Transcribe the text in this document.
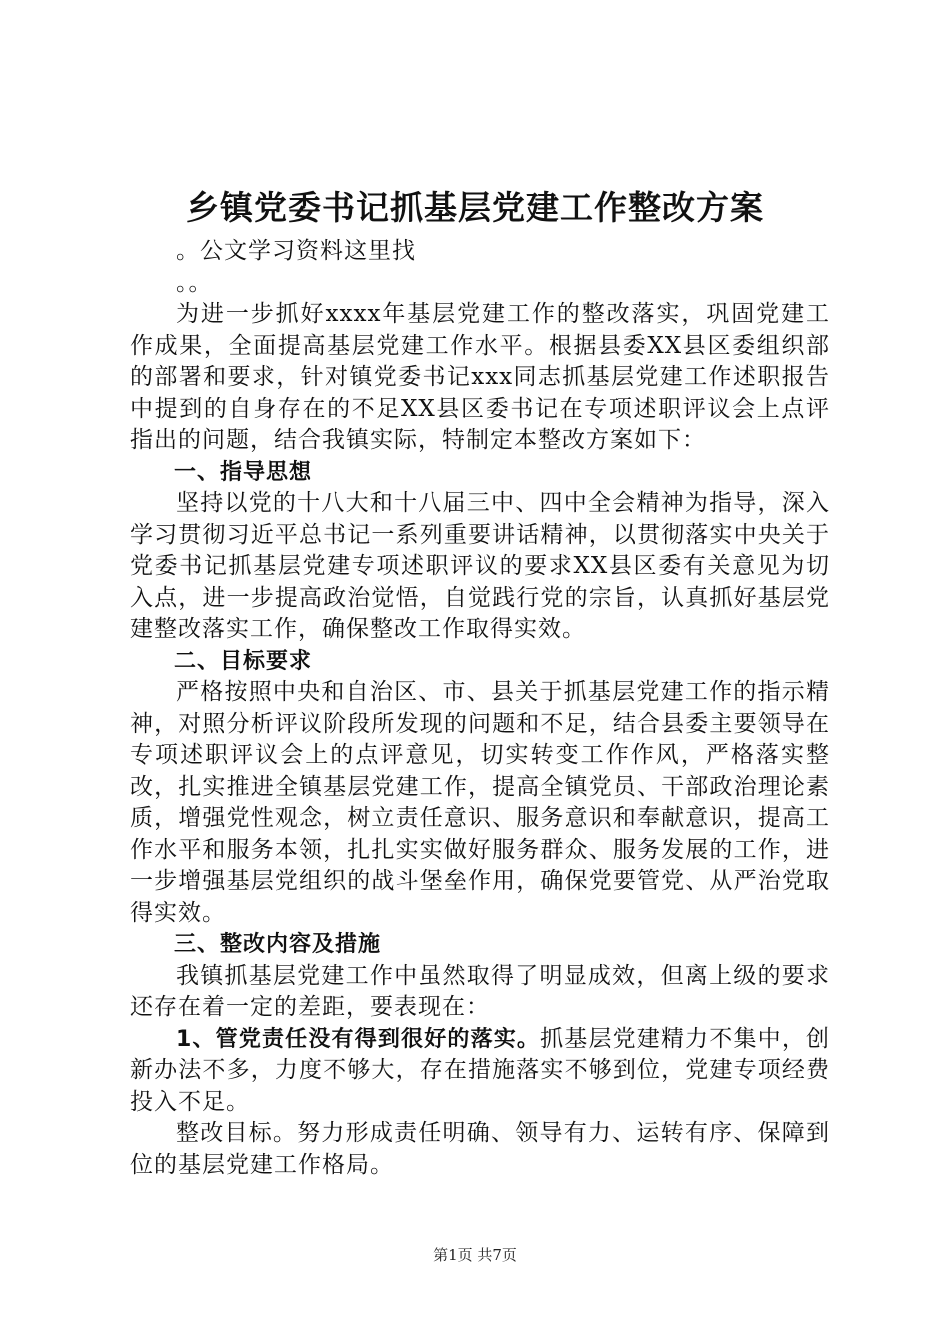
乡镇党委书记抓基层党建工作整改方案

。公文学习资料这里找

。。

为进一步抓好xxxx年基层党建工作的整改落实，巩固党建工作成果，全面提高基层党建工作水平。根据县委XX县区委组织部的部署和要求，针对镇党委书记xxx同志抓基层党建工作述职报告中提到的自身存在的不足XX县区委书记在专项述职评议会上点评指出的问题，结合我镇实际，特制定本整改方案如下：

一、指导思想

坚持以党的十八大和十八届三中、四中全会精神为指导，深入学习贯彻习近平总书记一系列重要讲话精神，以贯彻落实中央关于党委书记抓基层党建专项述职评议的要求XX县区委有关意见为切入点，进一步提高政治觉悟，自觉践行党的宗旨，认真抓好基层党建整改落实工作，确保整改工作取得实效。

二、目标要求

严格按照中央和自治区、市、县关于抓基层党建工作的指示精神，对照分析评议阶段所发现的问题和不足，结合县委主要领导在专项述职评议会上的点评意见，切实转变工作作风，严格落实整改，扎实推进全镇基层党建工作，提高全镇党员、干部政治理论素质，增强党性观念，树立责任意识、服务意识和奉献意识，提高工作水平和服务本领，扎扎实实做好服务群众、服务发展的工作，进一步增强基层党组织的战斗堡垒作用，确保党要管党、从严治党取得实效。

三、整改内容及措施

我镇抓基层党建工作中虽然取得了明显成效，但离上级的要求还存在着一定的差距，要表现在：

1、管党责任没有得到很好的落实。抓基层党建精力不集中，创新办法不多，力度不够大，存在措施落实不够到位，党建专项经费投入不足。

整改目标。努力形成责任明确、领导有力、运转有序、保障到位的基层党建工作格局。

第1页 共7页
